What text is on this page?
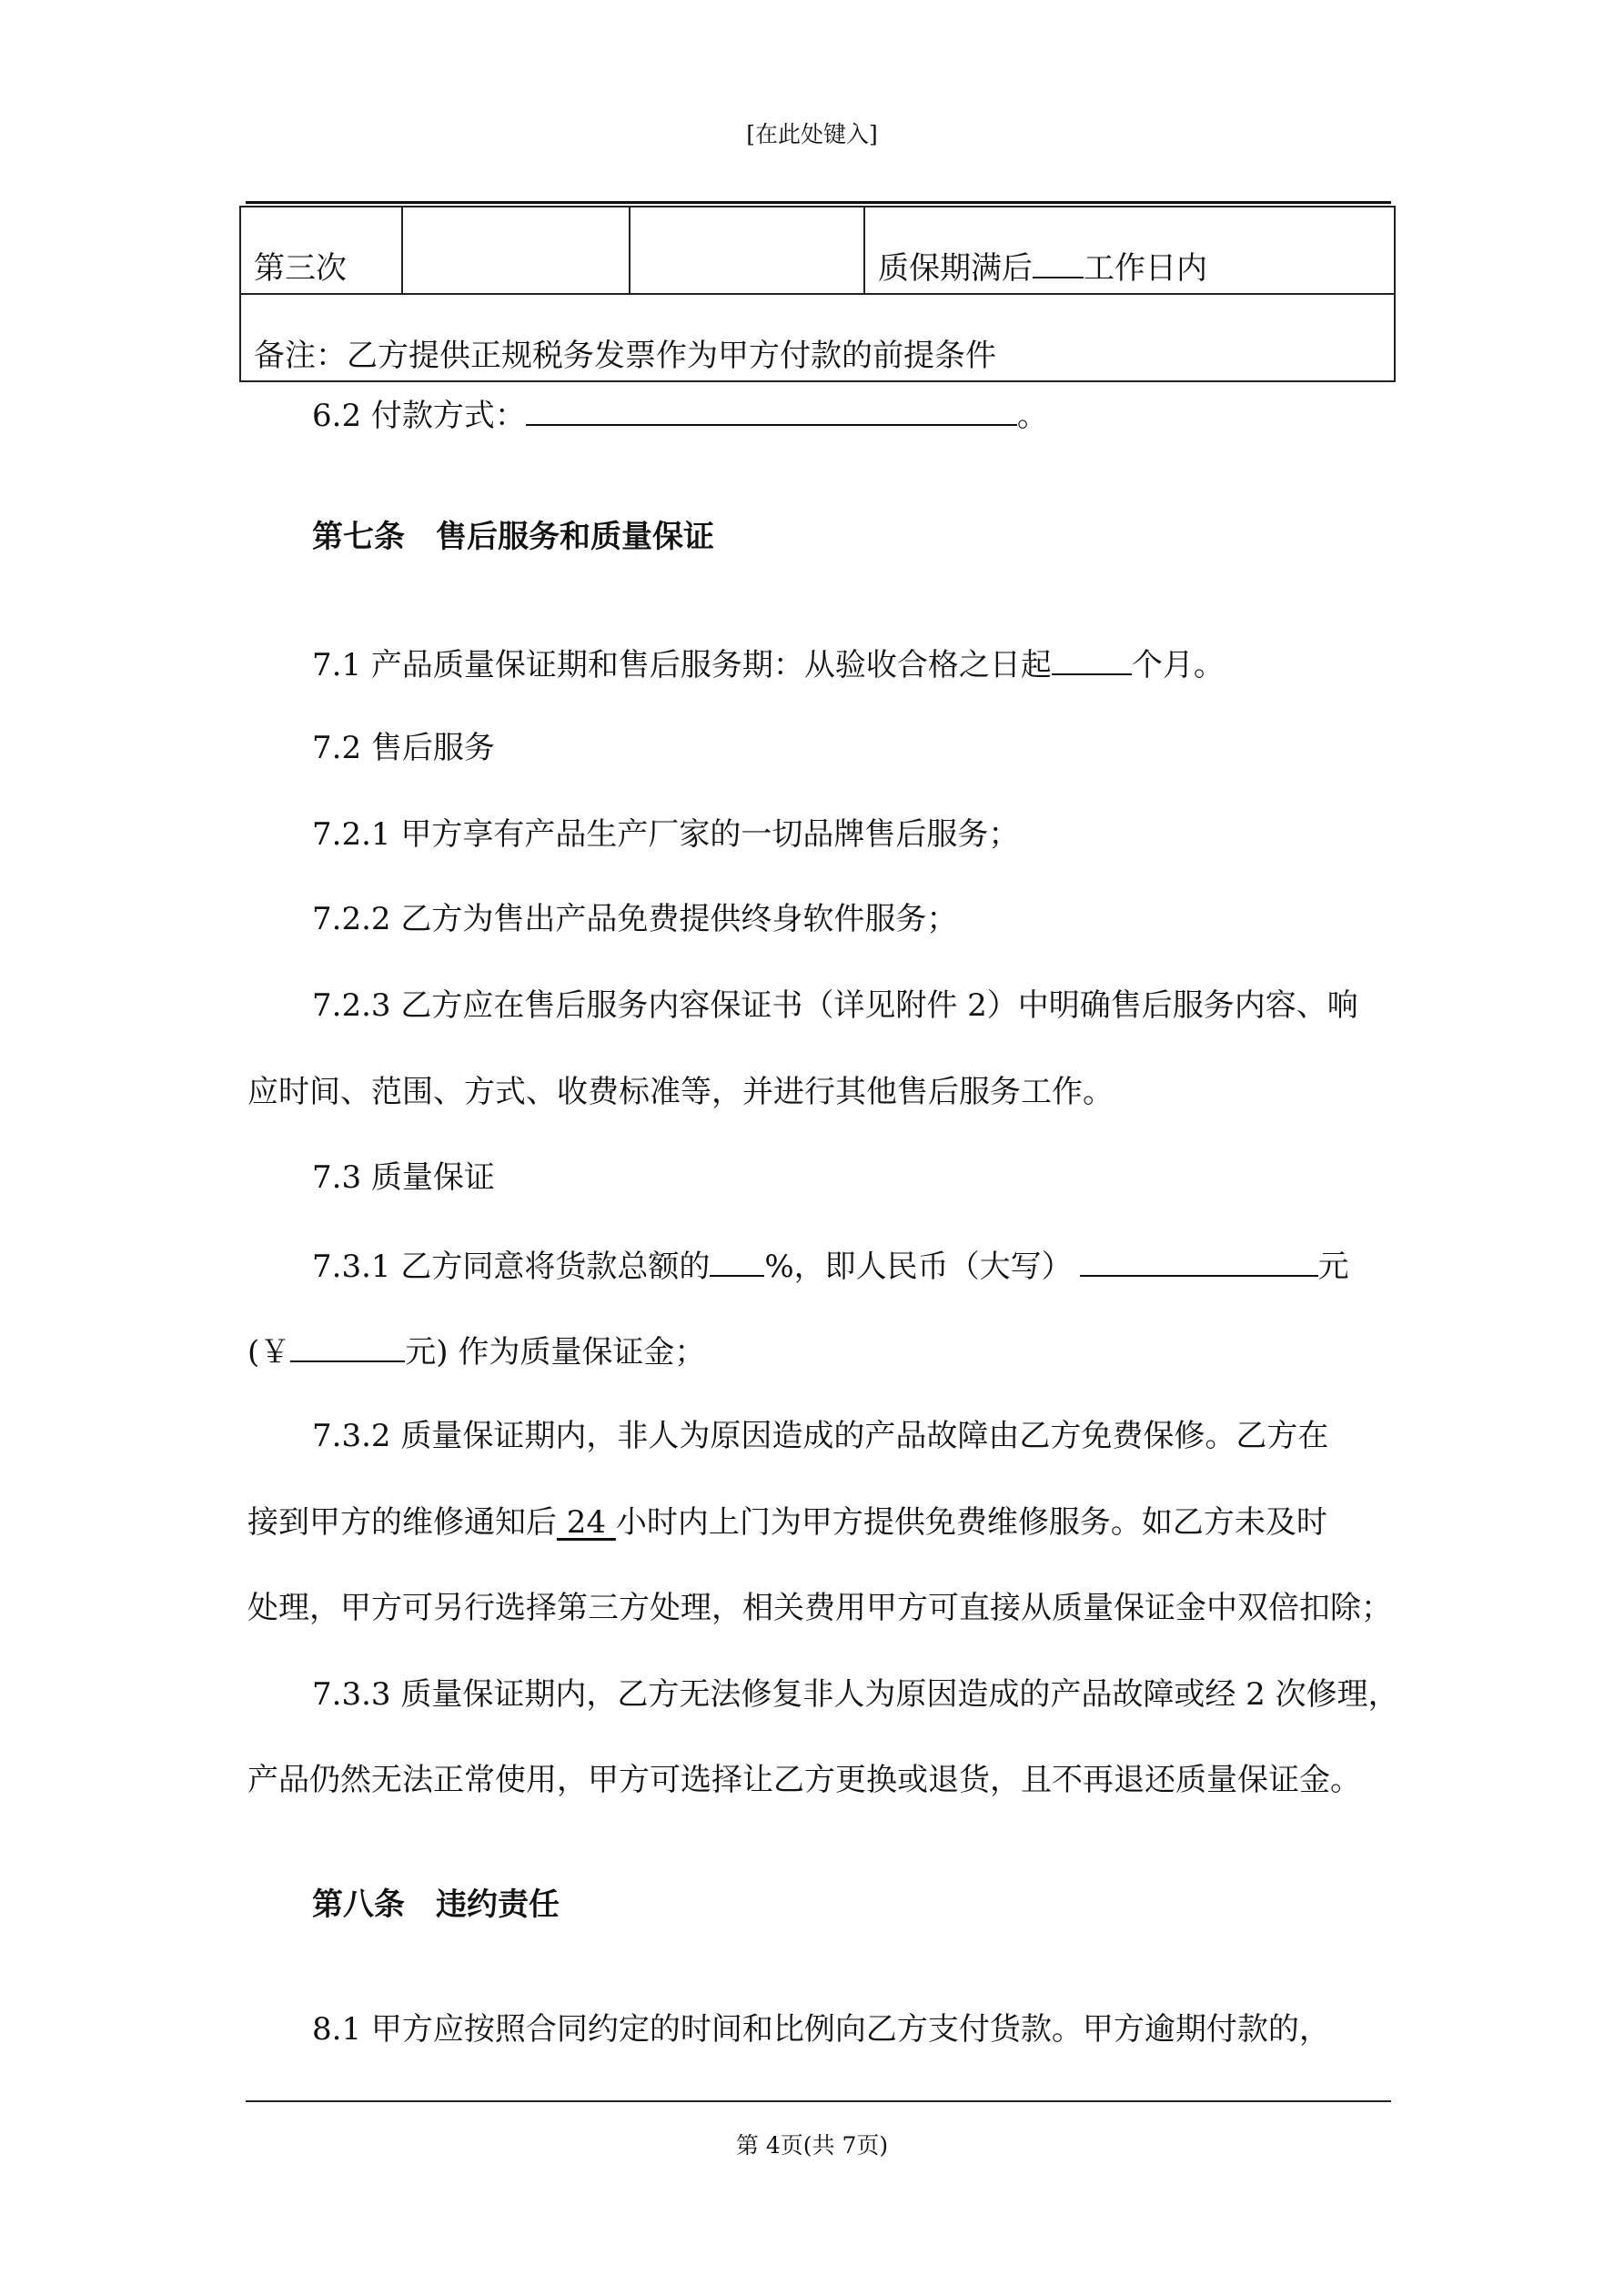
[在此处键入]
第三次			质保期满后 工作日内
备注：乙方提供正规税务发票作为甲方付款的前提条件
6.2 付款方式：	。
第七条　售后服务和质量保证
7.1 产品质量保证期和售后服务期：从验收合格之日起	个月。
7.2 售后服务
7.2.1 甲方享有产品生产厂家的一切品牌售后服务；
7.2.2 乙方为售出产品免费提供终身软件服务；
7.2.3 乙方应在售后服务内容保证书（详见附件 2）中明确售后服务内容、响
应时间、范围、方式、收费标准等，并进行其他售后服务工作。
7.3 质量保证
7.3.1 乙方同意将货款总额的 %，即人民币（大写）	元
(￥	元) 作为质量保证金；
7.3.2 质量保证期内，非人为原因造成的产品故障由乙方免费保修。乙方在
接到甲方的维修通知后 24 小时内上门为甲方提供免费维修服务。如乙方未及时
处理，甲方可另行选择第三方处理，相关费用甲方可直接从质量保证金中双倍扣除；
7.3.3 质量保证期内，乙方无法修复非人为原因造成的产品故障或经 2 次修理，
产品仍然无法正常使用，甲方可选择让乙方更换或退货，且不再退还质量保证金。
第八条　违约责任
8.1 甲方应按照合同约定的时间和比例向乙方支付货款。甲方逾期付款的，
第 4页(共 7页)
